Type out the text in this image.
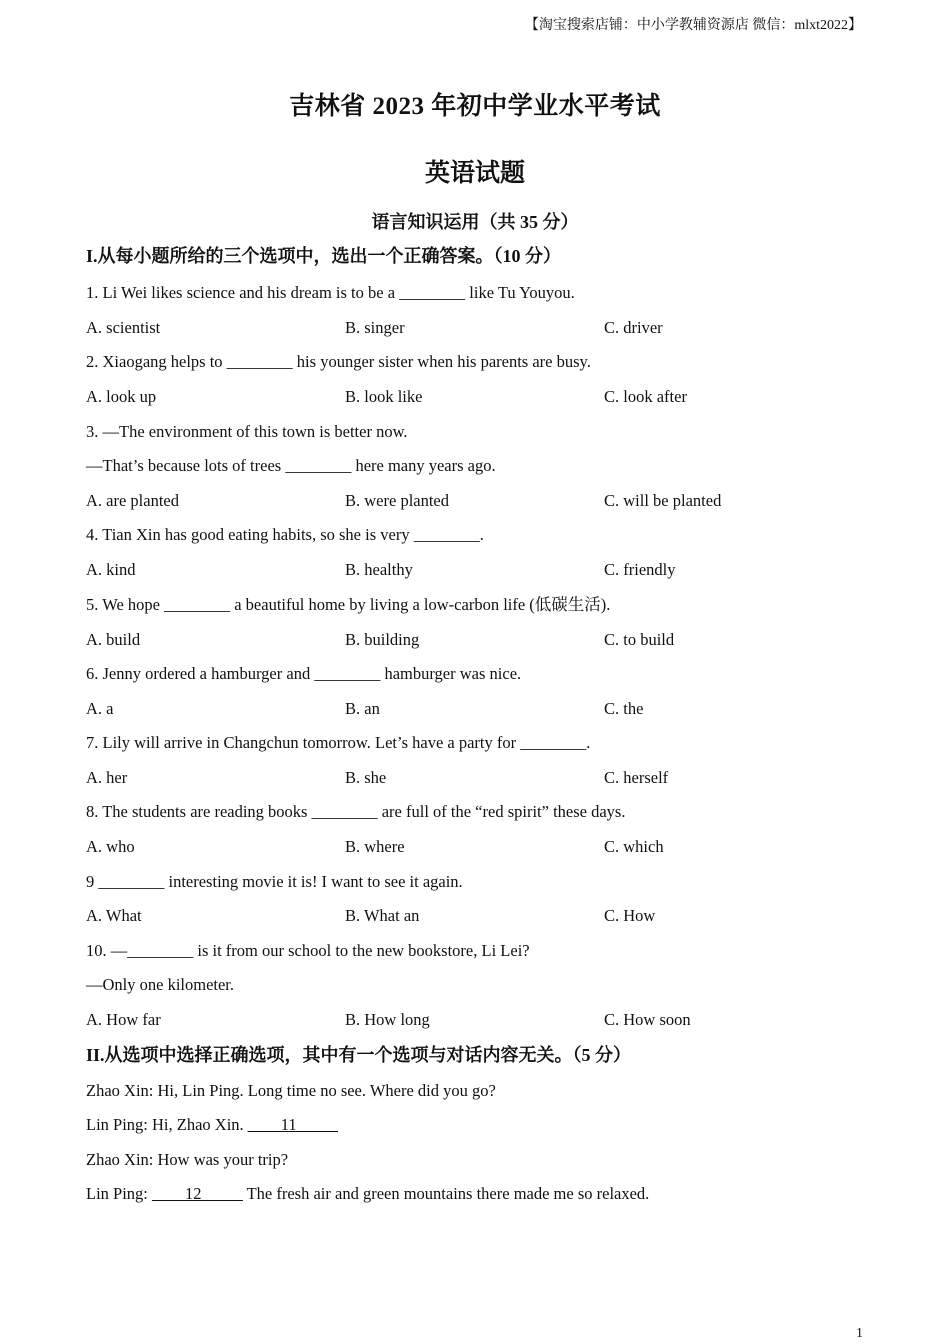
【淘宝搜索店铺：中小学教辅资源店 微信：mlxt2022】
吉林省 2023 年初中学业水平考试
英语试题
语言知识运用（共 35 分）
I.从每小题所给的三个选项中，选出一个正确答案。（10 分）
1. Li Wei likes science and his dream is to be a ________ like Tu Youyou.
A. scientist	B. singer	C. driver
2. Xiaogang helps to ________ his younger sister when his parents are busy.
A. look up	B. look like	C. look after
3. —The environment of this town is better now.
—That’s because lots of trees ________ here many years ago.
A. are planted	B. were planted	C. will be planted
4. Tian Xin has good eating habits, so she is very ________.
A. kind	B. healthy	C. friendly
5. We hope ________ a beautiful home by living a low-carbon life (低碳生活).
A. build	B. building	C. to build
6. Jenny ordered a hamburger and ________ hamburger was nice.
A. a	B. an	C. the
7. Lily will arrive in Changchun tomorrow. Let’s have a party for ________.
A. her	B. she	C. herself
8. The students are reading books ________ are full of the “red spirit” these days.
A. who	B. where	C. which
9 ________ interesting movie it is! I want to see it again.
A. What	B. What an	C. How
10. —________ is it from our school to the new bookstore, Li Lei?
—Only one kilometer.
A. How far	B. How long	C. How soon
II.从选项中选择正确选项，其中有一个选项与对话内容无关。（5 分）
Zhao Xin: Hi, Lin Ping. Long time no see. Where did you go?
Lin Ping: Hi, Zhao Xin. ____11_____
Zhao Xin: How was your trip?
Lin Ping: ____12_____ The fresh air and green mountains there made me so relaxed.
1
